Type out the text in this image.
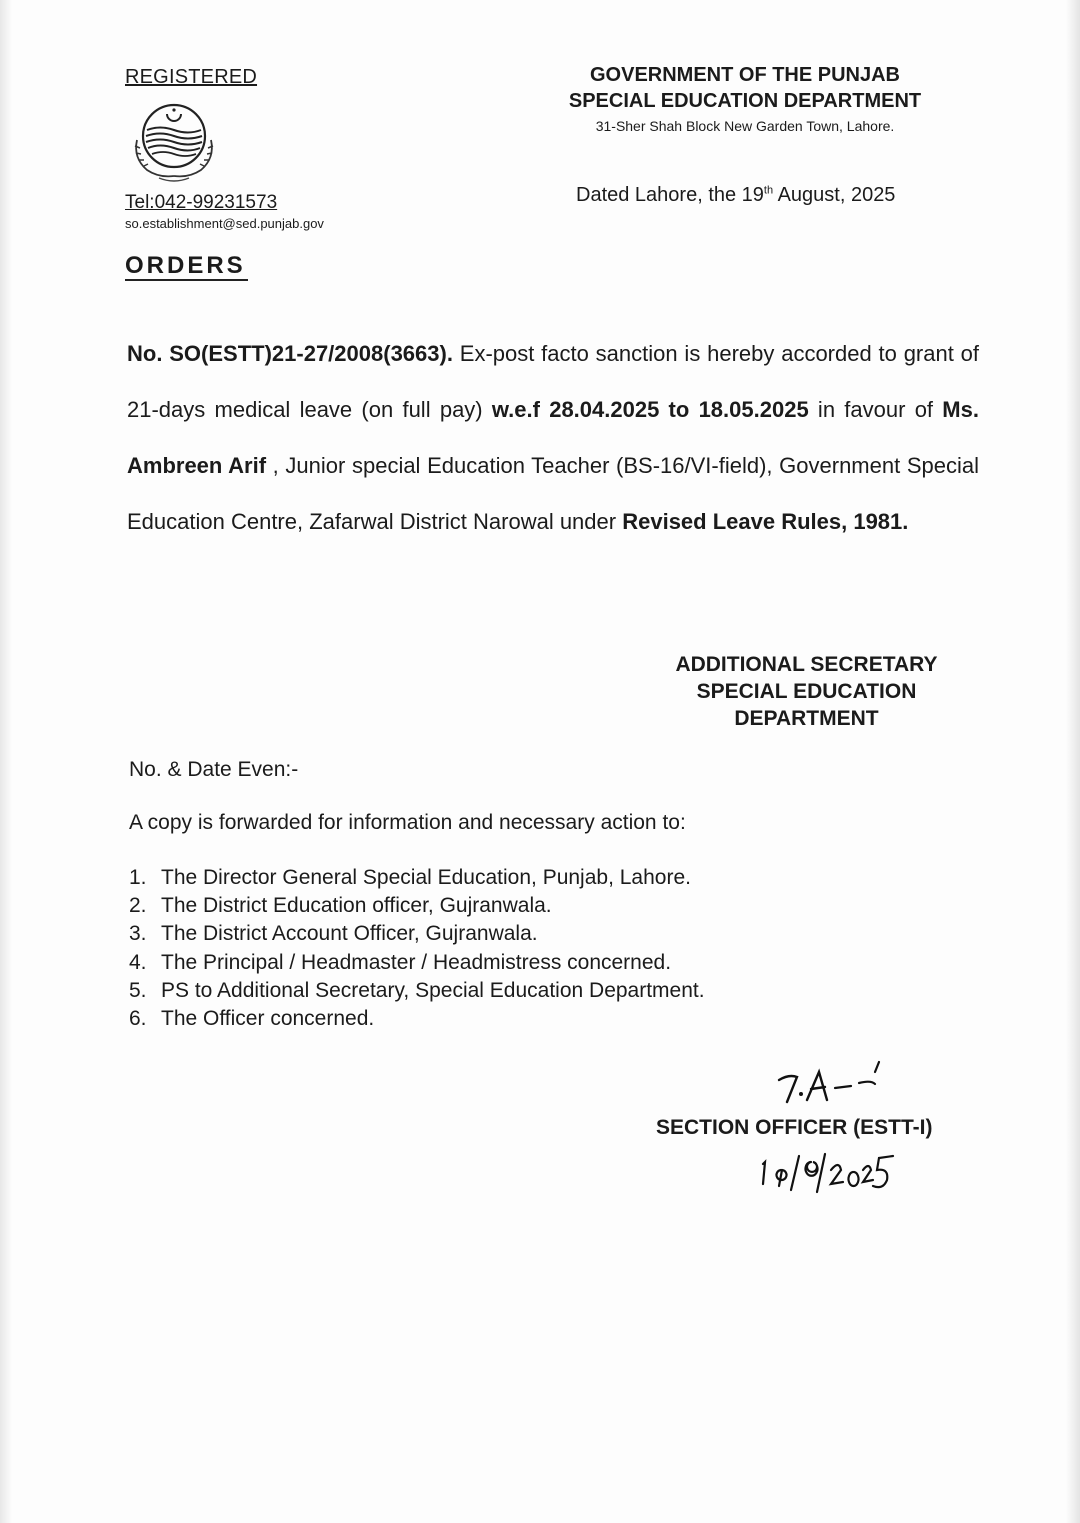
REGISTERED
Tel:042-99231573
so.establishment@sed.punjab.gov
ORDERS
GOVERNMENT OF THE PUNJAB
SPECIAL EDUCATION DEPARTMENT
31-Sher Shah Block New Garden Town, Lahore.
Dated Lahore, the 19th August, 2025
No. SO(ESTT)21-27/2008(3663). Ex-post facto sanction is hereby accorded to grant of 21-days medical leave (on full pay) w.e.f 28.04.2025 to 18.05.2025 in favour of Ms. Ambreen Arif , Junior special Education Teacher (BS-16/VI-field), Government Special Education Centre, Zafarwal District Narowal under Revised Leave Rules, 1981.
ADDITIONAL SECRETARY
SPECIAL EDUCATION
DEPARTMENT
No. & Date Even:-
A copy is forwarded for information and necessary action to:
1. The Director General Special Education, Punjab, Lahore.
2. The District Education officer, Gujranwala.
3. The District Account Officer, Gujranwala.
4. The Principal / Headmaster / Headmistress concerned.
5. PS to Additional Secretary, Special Education Department.
6. The Officer concerned.
SECTION OFFICER (ESTT-I)
